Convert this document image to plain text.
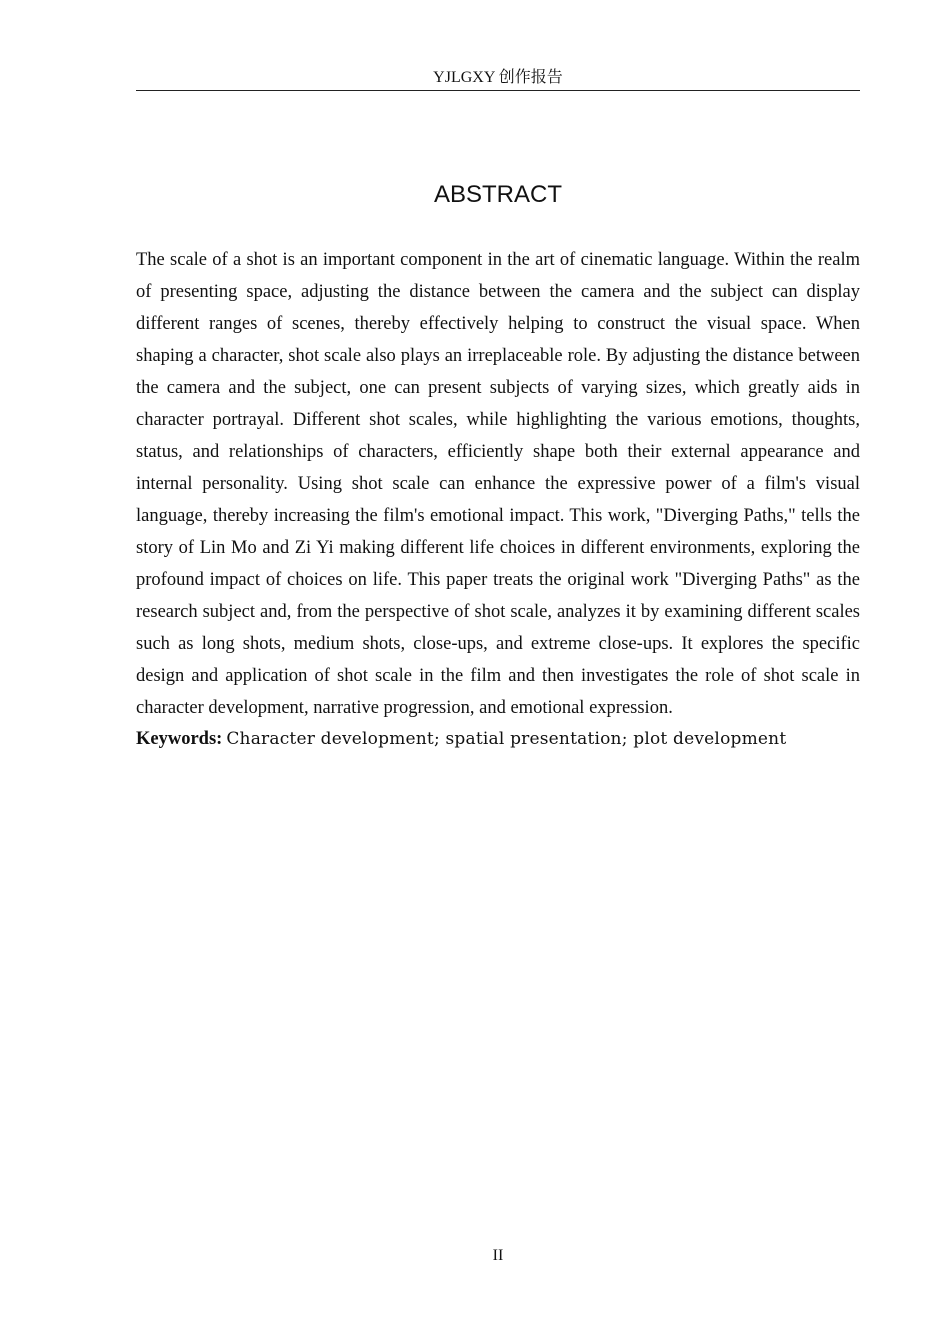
YJLGXY 创作报告
ABSTRACT

The scale of a shot is an important component in the art of cinematic language. Within the realm of presenting space, adjusting the distance between the camera and the subject can display different ranges of scenes, thereby effectively helping to construct the visual space. When shaping a character, shot scale also plays an irreplaceable role. By adjusting the distance between the camera and the subject, one can present subjects of varying sizes, which greatly aids in character portrayal. Different shot scales, while highlighting the various emotions, thoughts, status, and relationships of characters, efficiently shape both their external appearance and internal personality. Using shot scale can enhance the expressive power of a film's visual language, thereby increasing the film's emotional impact. This work, "Diverging Paths," tells the story of Lin Mo and Zi Yi making different life choices in different environments, exploring the profound impact of choices on life. This paper treats the original work "Diverging Paths" as the research subject and, from the perspective of shot scale, analyzes it by examining different scales such as long shots, medium shots, close-ups, and extreme close-ups. It explores the specific design and application of shot scale in the film and then investigates the role of shot scale in character development, narrative progression, and emotional expression.

Keywords: Character development; spatial presentation; plot development

II
